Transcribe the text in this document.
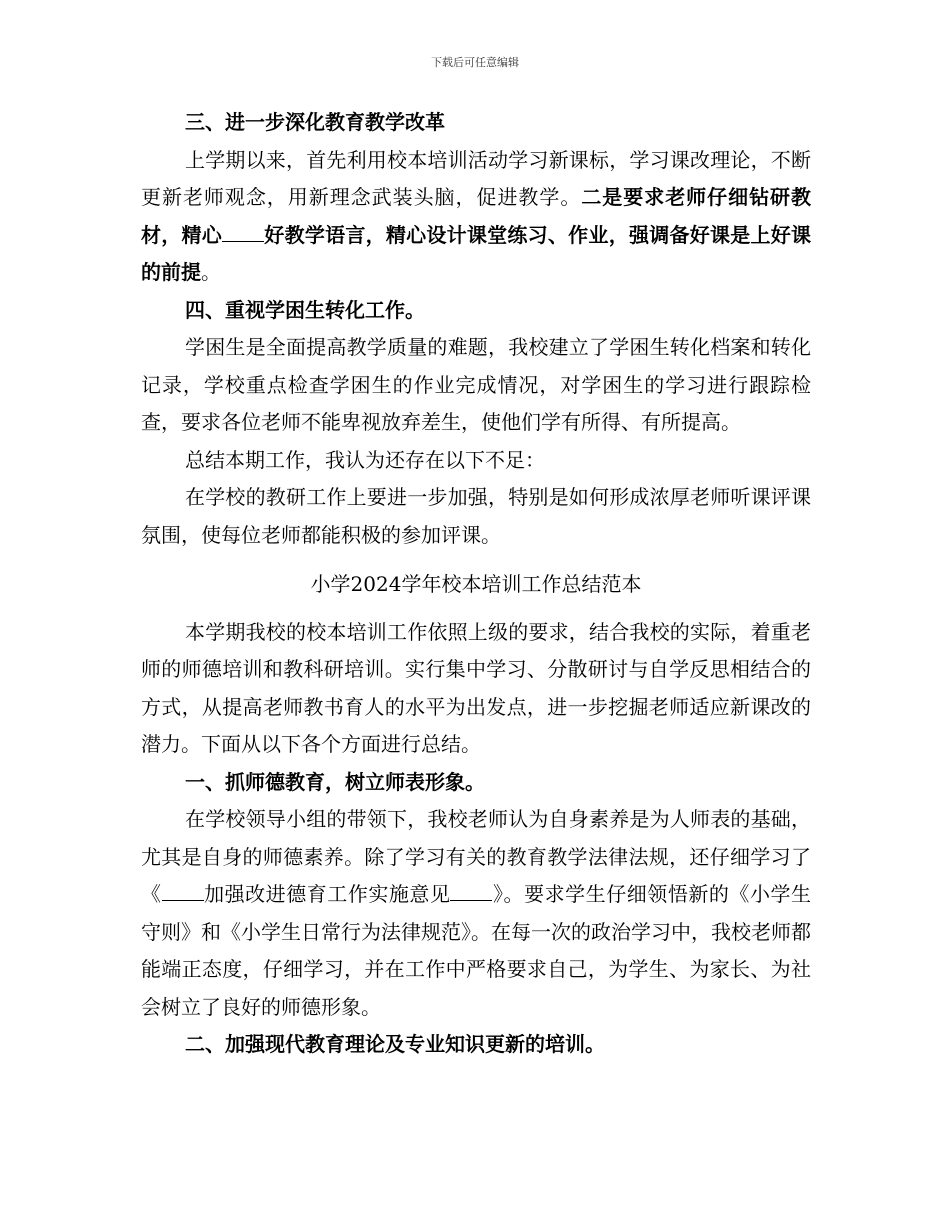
下载后可任意编辑

三、进一步深化教育教学改革

上学期以来，首先利用校本培训活动学习新课标，学习课改理论，不断更新老师观念，用新理念武装头脑，促进教学。二是要求老师仔细钻研教材，精心 好教学语言，精心设计课堂练习、作业，强调备好课是上好课的前提。

四、重视学困生转化工作。

学困生是全面提高教学质量的难题，我校建立了学困生转化档案和转化记录，学校重点检查学困生的作业完成情况，对学困生的学习进行跟踪检查，要求各位老师不能卑视放弃差生，使他们学有所得、有所提高。

总结本期工作，我认为还存在以下不足：

在学校的教研工作上要进一步加强，特别是如何形成浓厚老师听课评课氛围，使每位老师都能积极的参加评课。

小学2024学年校本培训工作总结范本

本学期我校的校本培训工作依照上级的要求，结合我校的实际，着重老师的师德培训和教科研培训。实行集中学习、分散研讨与自学反思相结合的方式，从提高老师教书育人的水平为出发点，进一步挖掘老师适应新课改的潜力。下面从以下各个方面进行总结。

一、抓师德教育，树立师表形象。

在学校领导小组的带领下，我校老师认为自身素养是为人师表的基础，尤其是自身的师德素养。除了学习有关的教育教学法律法规，还仔细学习了《 加强改进德育工作实施意见 》。要求学生仔细领悟新的《小学生守则》和《小学生日常行为法律规范》。在每一次的政治学习中，我校老师都能端正态度，仔细学习，并在工作中严格要求自己，为学生、为家长、为社会树立了良好的师德形象。

二、加强现代教育理论及专业知识更新的培训。
